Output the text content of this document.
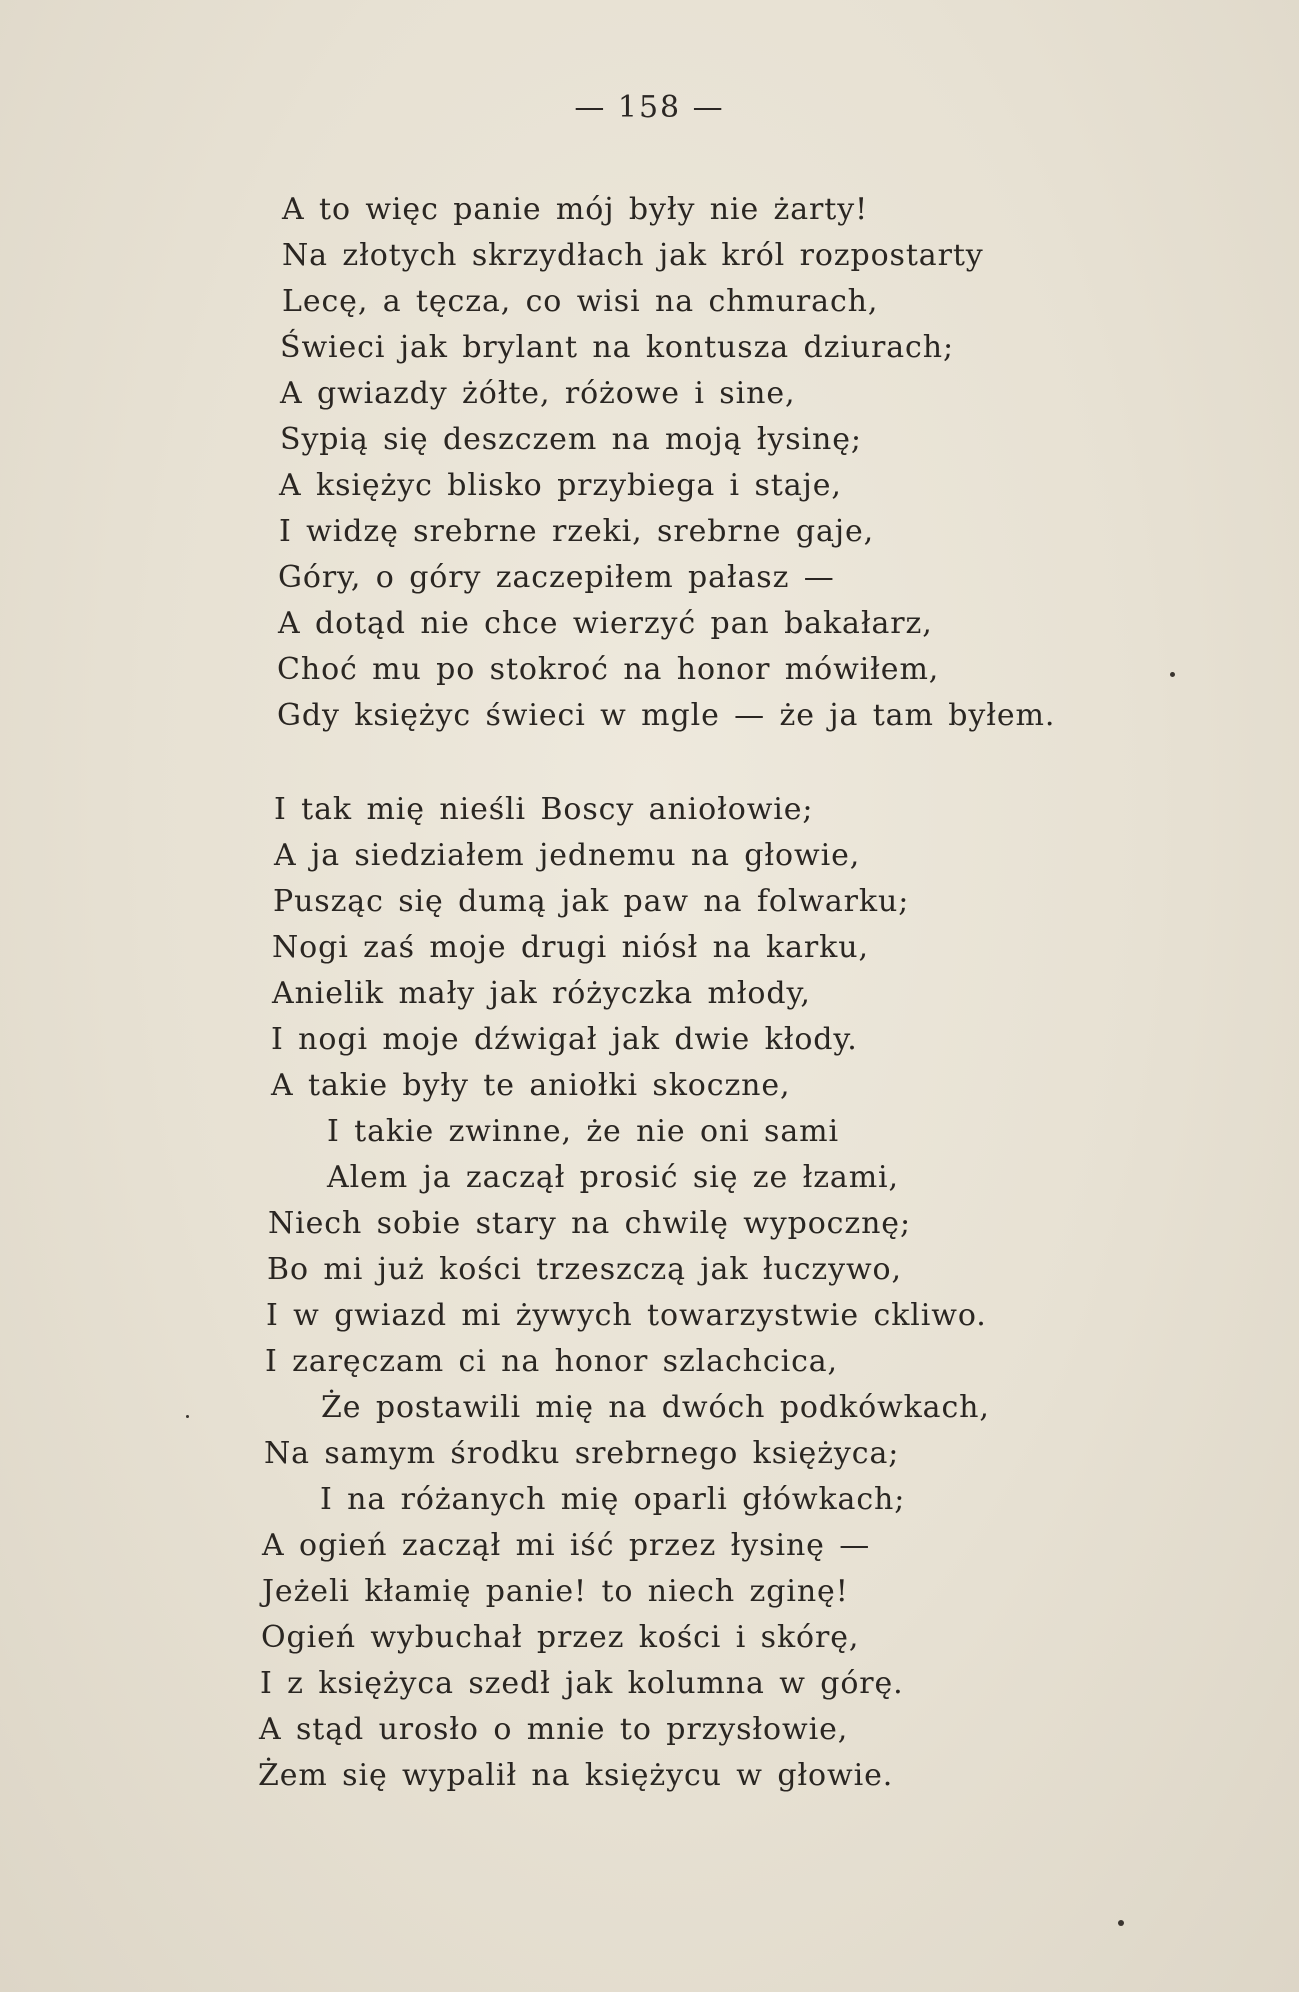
— 158 —
A to więc panie mój były nie żarty!
Na złotych skrzydłach jak król rozpostarty
Lecę, a tęcza, co wisi na chmurach,
Świeci jak brylant na kontusza dziurach;
A gwiazdy żółte, różowe i sine,
Sypią się deszczem na moją łysinę;
A księżyc blisko przybiega i staje,
I widzę srebrne rzeki, srebrne gaje,
Góry, o góry zaczepiłem pałasz —
A dotąd nie chce wierzyć pan bakałarz,
Choć mu po stokroć na honor mówiłem,
Gdy księżyc świeci w mgle — że ja tam byłem.
I tak mię nieśli Boscy aniołowie;
A ja siedziałem jednemu na głowie,
Pusząc się dumą jak paw na folwarku;
Nogi zaś moje drugi niósł na karku,
Anielik mały jak różyczka młody,
I nogi moje dźwigał jak dwie kłody.
A takie były te aniołki skoczne,
I takie zwinne, że nie oni sami
Alem ja zaczął prosić się ze łzami,
Niech sobie stary na chwilę wypocznę;
Bo mi już kości trzeszczą jak łuczywo,
I w gwiazd mi żywych towarzystwie ckliwo.
I zaręczam ci na honor szlachcica,
Że postawili mię na dwóch podkówkach,
Na samym środku srebrnego księżyca;
I na różanych mię oparli główkach;
A ogień zaczął mi iść przez łysinę —
Jeżeli kłamię panie! to niech zginę!
Ogień wybuchał przez kości i skórę,
I z księżyca szedł jak kolumna w górę.
A stąd urosło o mnie to przysłowie,
Żem się wypalił na księżycu w głowie.
